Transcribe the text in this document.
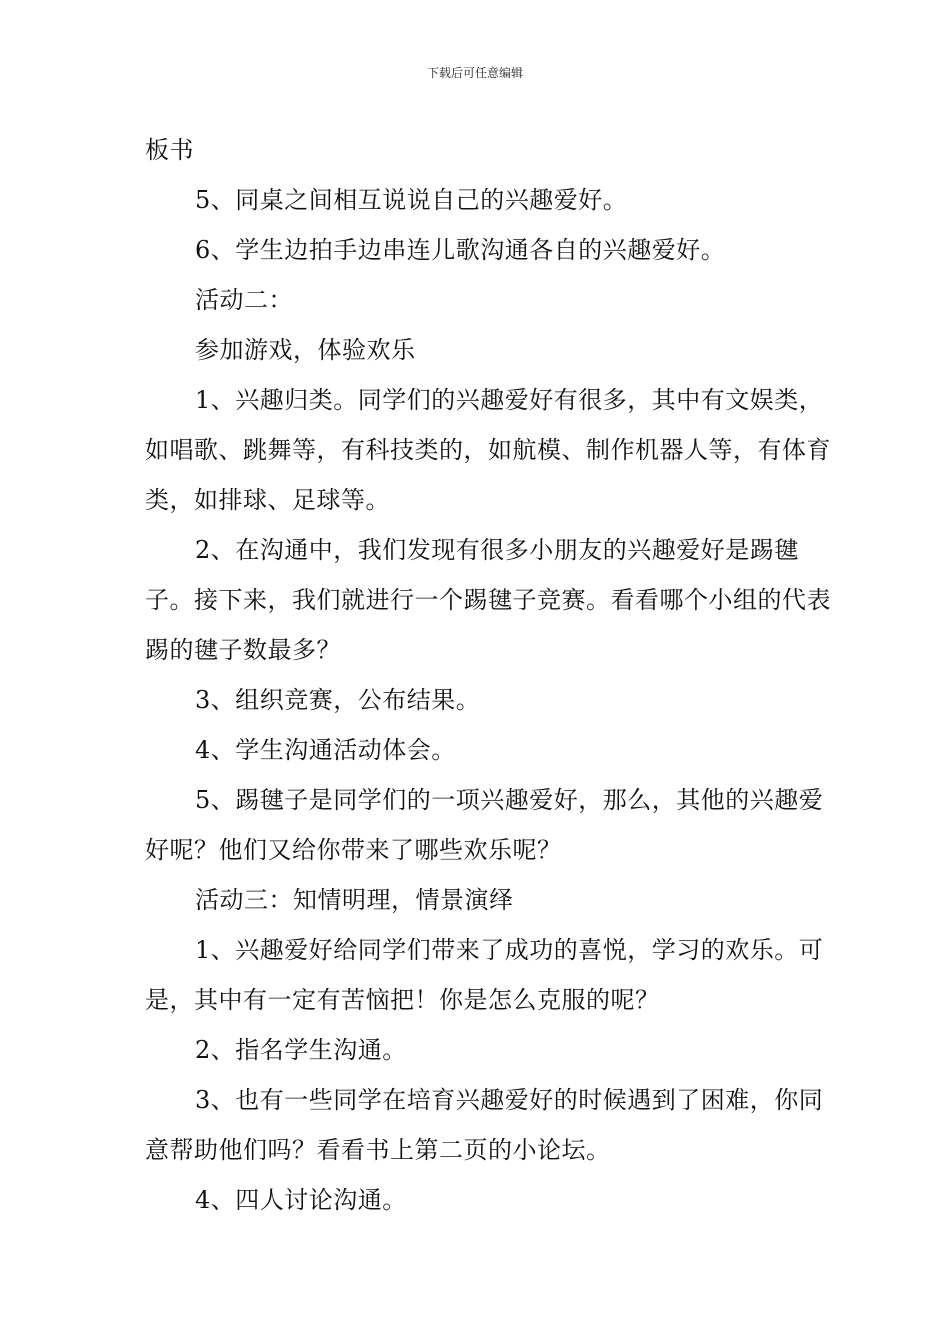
下载后可任意编辑

板书

5、同桌之间相互说说自己的兴趣爱好。

6、学生边拍手边串连儿歌沟通各自的兴趣爱好。

活动二：

参加游戏，体验欢乐

1、兴趣归类。同学们的兴趣爱好有很多，其中有文娱类，如唱歌、跳舞等，有科技类的，如航模、制作机器人等，有体育类，如排球、足球等。

2、在沟通中，我们发现有很多小朋友的兴趣爱好是踢毽子。接下来，我们就进行一个踢毽子竞赛。看看哪个小组的代表踢的毽子数最多？

3、组织竞赛，公布结果。

4、学生沟通活动体会。

5、踢毽子是同学们的一项兴趣爱好，那么，其他的兴趣爱好呢？他们又给你带来了哪些欢乐呢？

活动三：知情明理，情景演绎

1、兴趣爱好给同学们带来了成功的喜悦，学习的欢乐。可是，其中有一定有苦恼把！你是怎么克服的呢？

2、指名学生沟通。

3、也有一些同学在培育兴趣爱好的时候遇到了困难，你同意帮助他们吗？看看书上第二页的小论坛。

4、四人讨论沟通。
